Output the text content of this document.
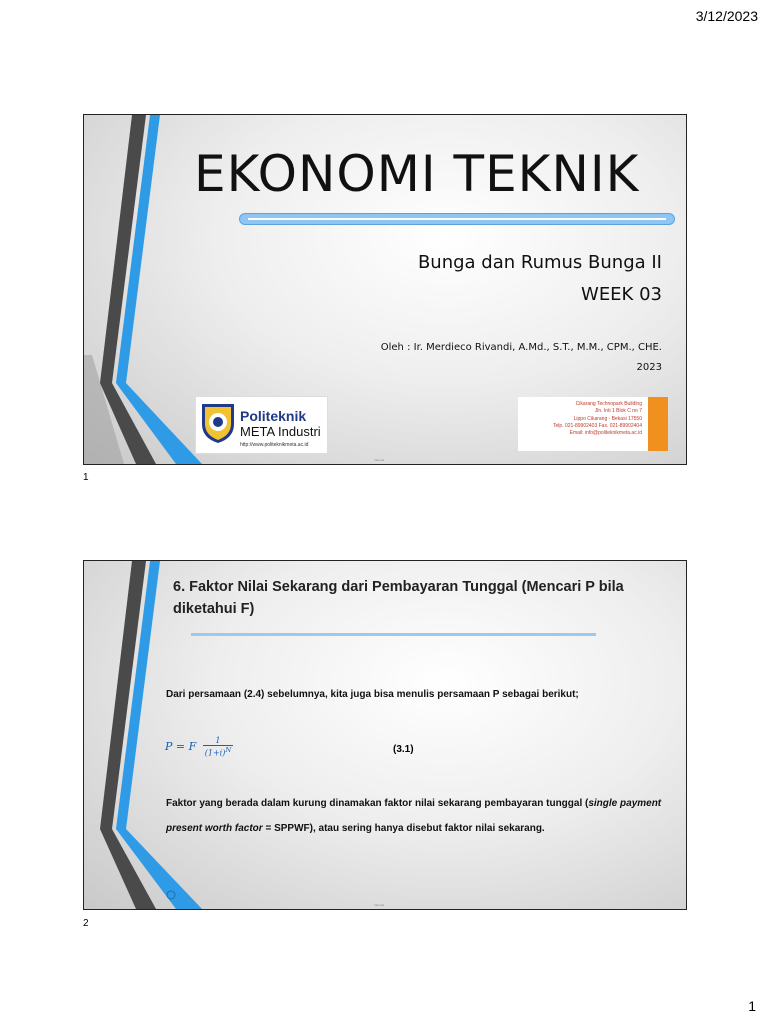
3/12/2023
EKONOMI TEKNIK
Bunga dan Rumus Bunga II
WEEK 03
Oleh : Ir. Merdieco Rivandi, A.Md., S.T., M.M., CPM., CHE.
2023
Politeknik
META Industri
http://www.politeknikmeta.ac.id
Cikarang Technopark Building
Jln. Inti 1 Blok C no 7
Lippo Cikarang - Bekasi 17550
Telp. 021-89902403 Fax. 021-89902404
Email: info@politeknikmeta.ac.id
Internal
1
6. Faktor Nilai Sekarang dari Pembayaran Tunggal (Mencari P bila diketahui F)
Dari persamaan (2.4) sebelumnya, kita juga bisa menulis persamaan P sebagai berikut;
P = F $\frac{1}{(1+i)^N}$	(3.1)
Faktor yang berada dalam kurung dinamakan faktor nilai sekarang pembayaran tunggal (single payment present worth factor = SPPWF), atau sering hanya disebut faktor nilai sekarang.
Internal
2
1
